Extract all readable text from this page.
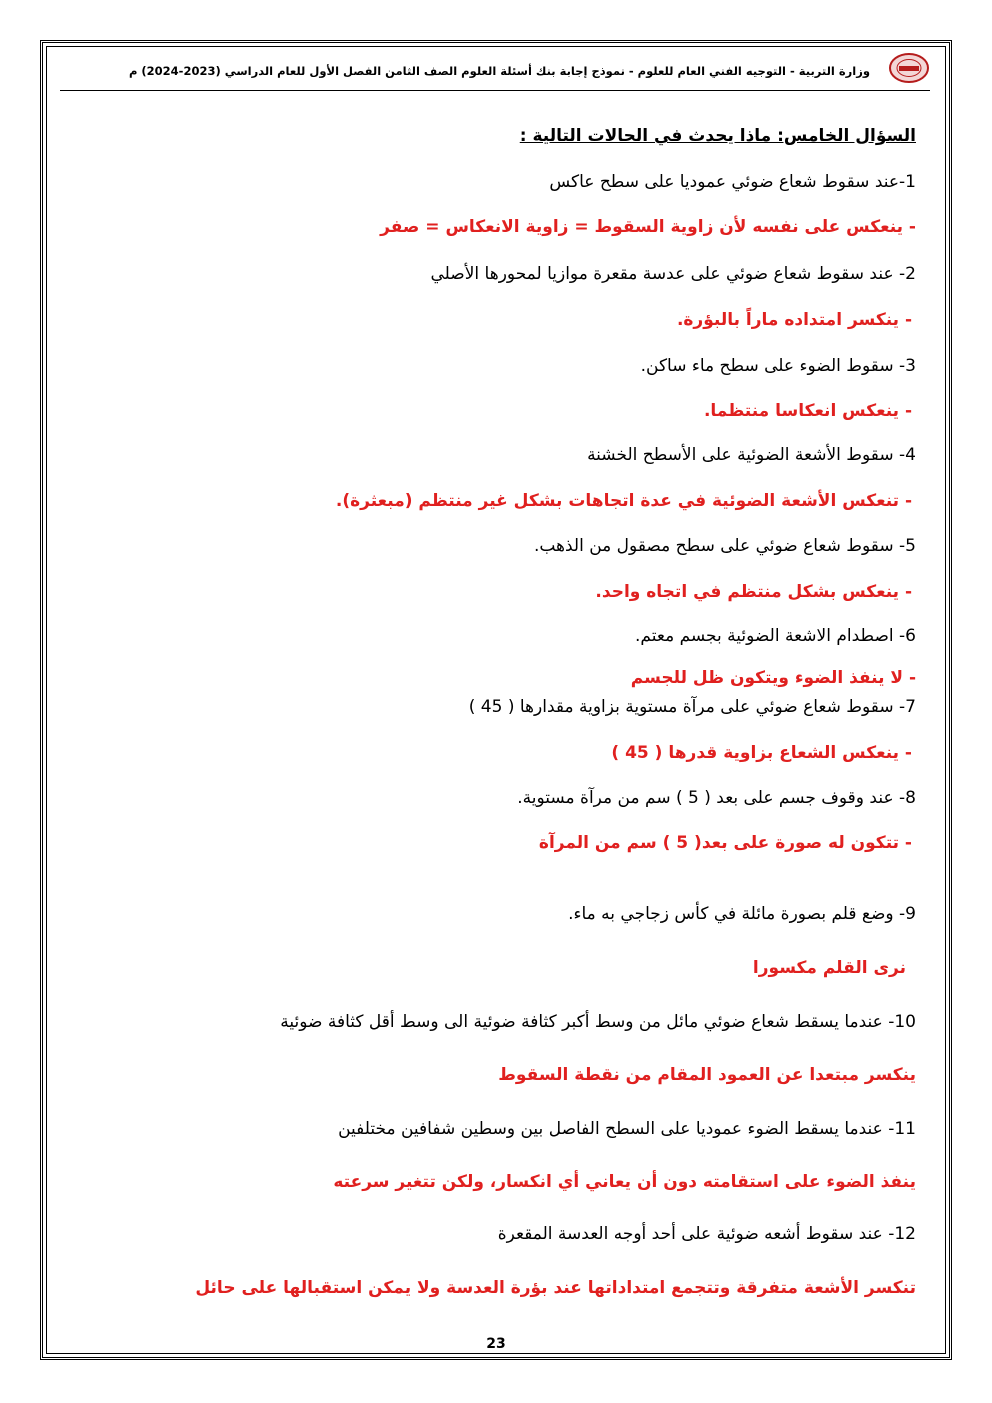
وزارة التربية - التوجيه الفني العام للعلوم - نموذج إجابة بنك أسئلة العلوم الصف الثامن الفصل الأول للعام الدراسي (2023-2024) م
السؤال الخامس: ماذا يحدث في الحالات التالية :
1-عند سقوط شعاع ضوئي عموديا على سطح عاكس
- ينعكس على نفسه لأن زاوية السقوط = زاوية الانعكاس = صفر
2- عند سقوط شعاع ضوئي على عدسة مقعرة موازيا لمحورها الأصلي
- ينكسر امتداده ماراً بالبؤرة.
3- سقوط الضوء على سطح ماء ساكن.
- ينعكس انعكاسا منتظما.
4- سقوط الأشعة الضوئية على الأسطح الخشنة
- تنعكس الأشعة الضوئية في عدة اتجاهات بشكل غير منتظم (مبعثرة).
5- سقوط شعاع ضوئي على سطح مصقول من الذهب.
- ينعكس بشكل منتظم في اتجاه واحد.
6- اصطدام الاشعة الضوئية بجسم معتم.
- لا ينفذ الضوء ويتكون ظل للجسم
7- سقوط شعاع ضوئي على مرآة مستوية بزاوية مقدارها ( 45 )
- ينعكس الشعاع بزاوية قدرها ( 45 )
8- عند وقوف جسم على بعد ( 5 ) سم من مرآة مستوية.
- تتكون له صورة على بعد( 5 ) سم من المرآة
9- وضع قلم بصورة مائلة في كأس زجاجي به ماء.
نرى القلم مكسورا
10- عندما يسقط شعاع ضوئي مائل من وسط أكبر كثافة ضوئية الى وسط أقل كثافة ضوئية
ينكسر مبتعدا عن العمود المقام من نقطة السقوط
11- عندما يسقط الضوء عموديا على السطح الفاصل بين وسطين شفافين مختلفين
ينفذ الضوء على استقامته دون أن يعاني أي انكسار، ولكن تتغير سرعته
12- عند سقوط أشعه ضوئية على أحد أوجه العدسة المقعرة
تنكسر الأشعة متفرقة وتتجمع امتداداتها عند بؤرة العدسة ولا يمكن استقبالها على حائل
23
